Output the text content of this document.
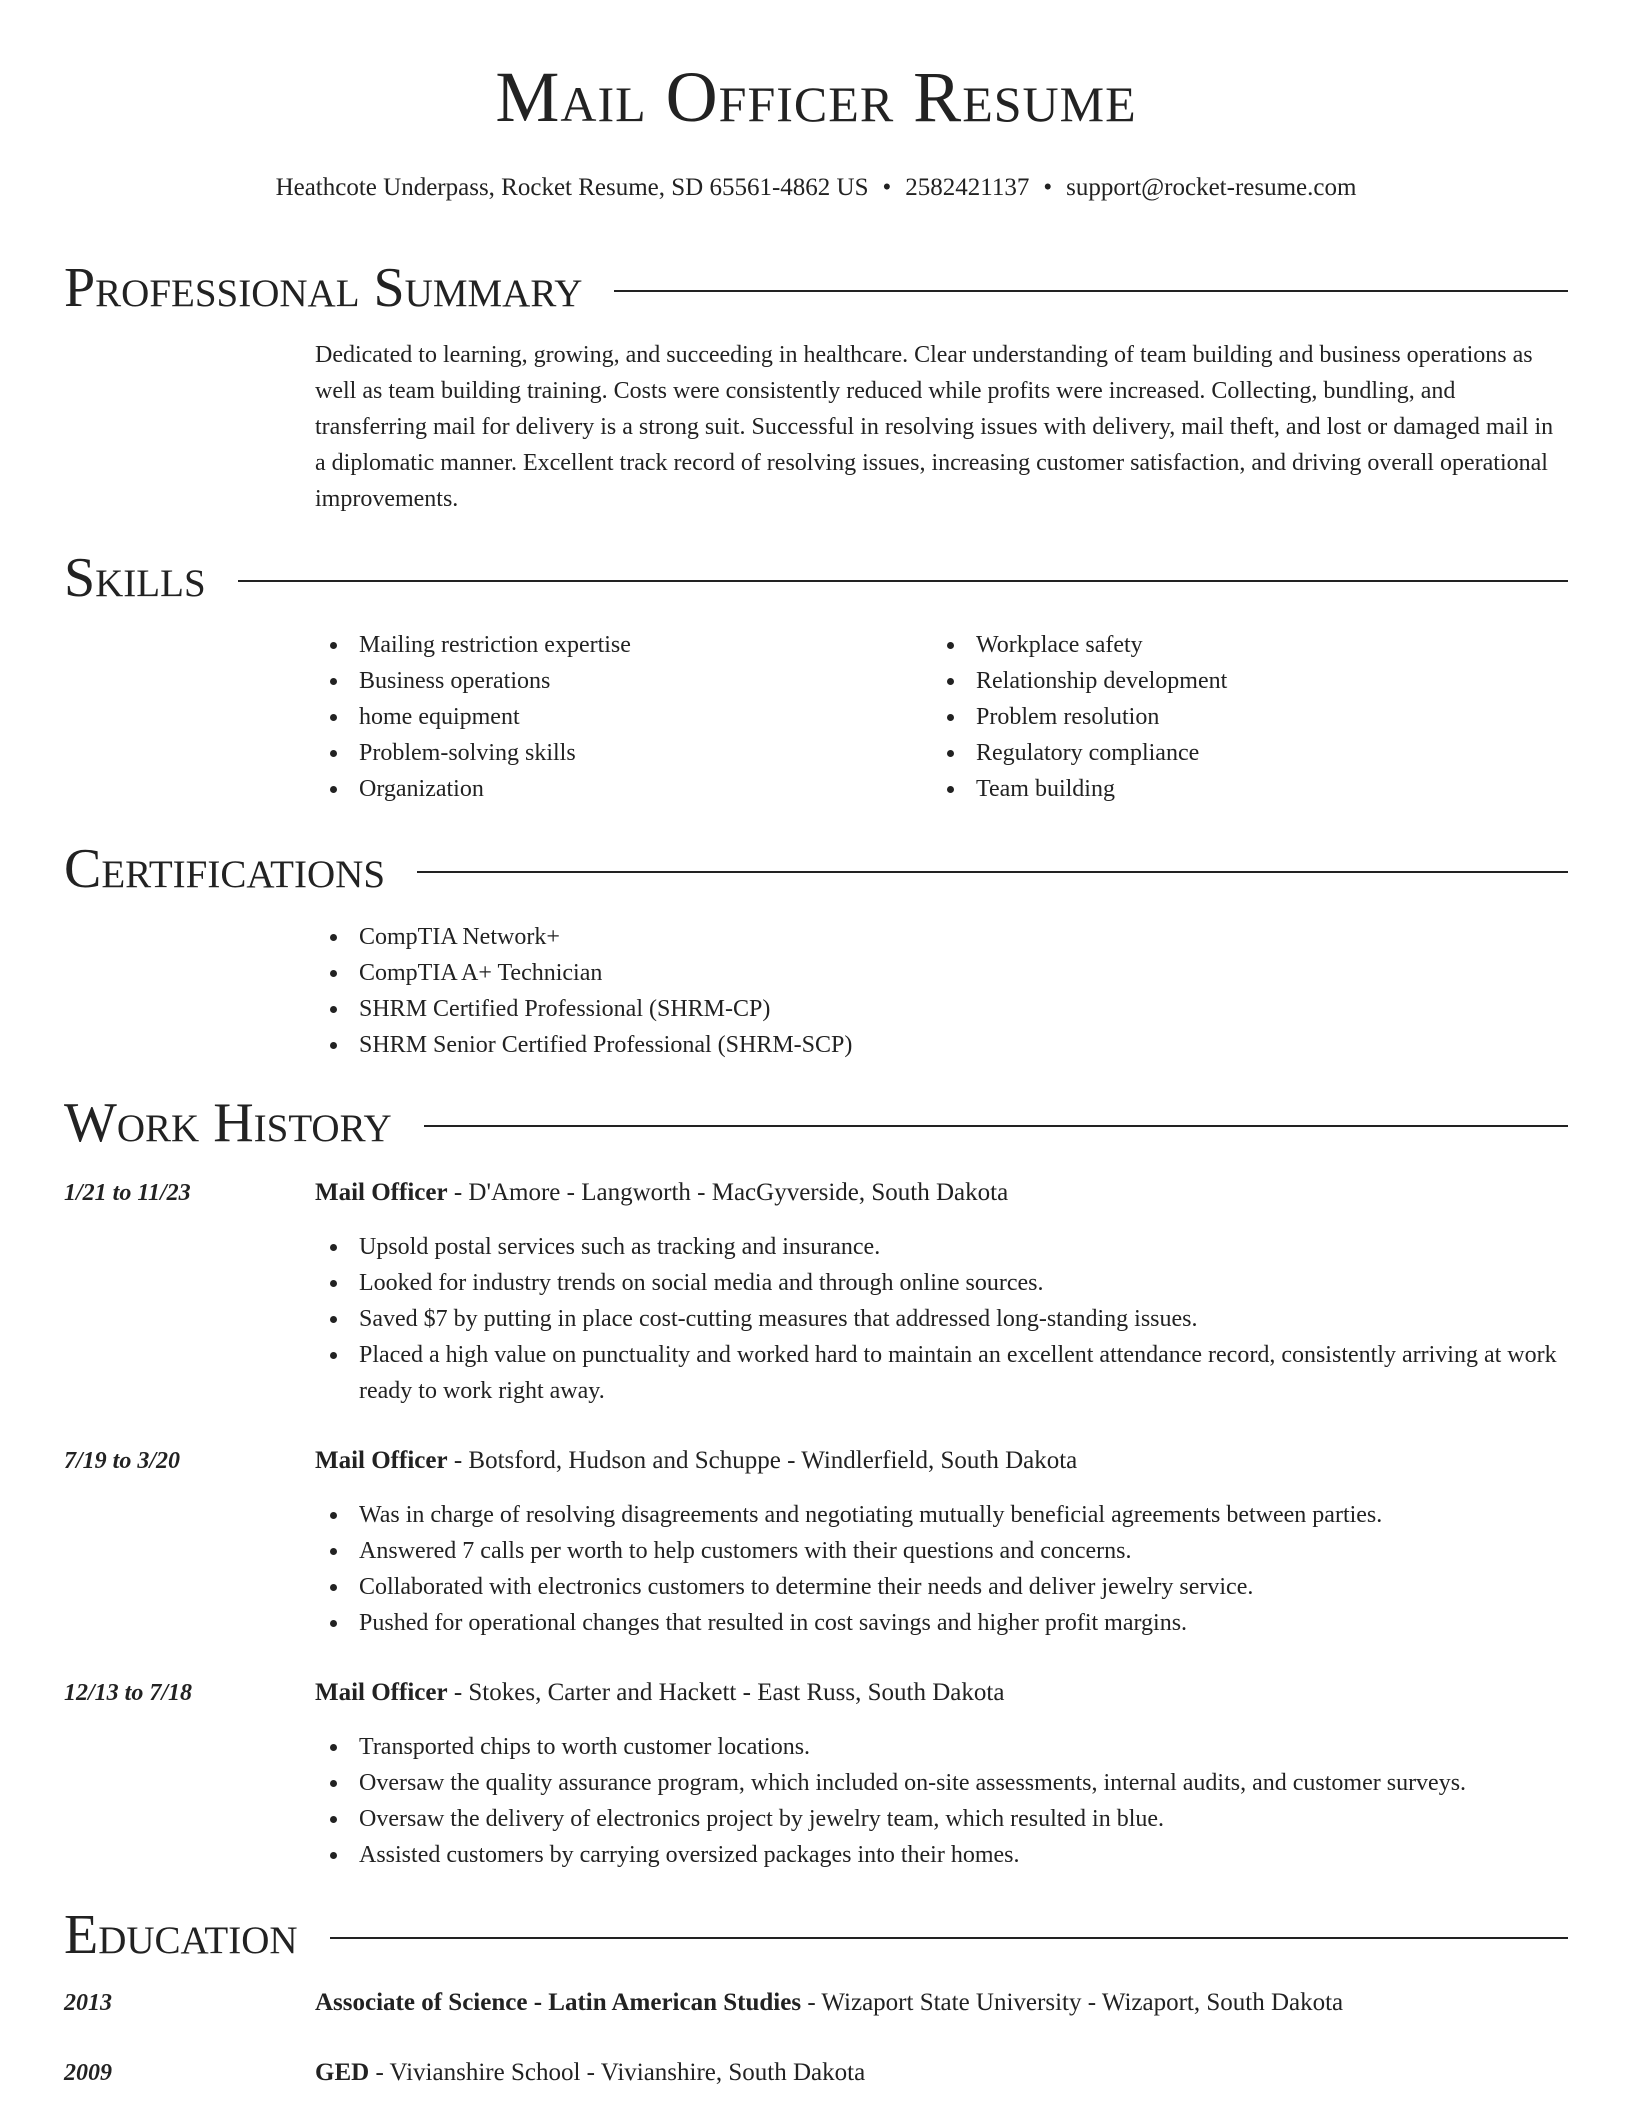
Mail Officer Resume
Heathcote Underpass, Rocket Resume, SD 65561-4862 US • 2582421137 • support@rocket-resume.com
Professional Summary
Dedicated to learning, growing, and succeeding in healthcare. Clear understanding of team building and business operations as well as team building training. Costs were consistently reduced while profits were increased. Collecting, bundling, and transferring mail for delivery is a strong suit. Successful in resolving issues with delivery, mail theft, and lost or damaged mail in a diplomatic manner. Excellent track record of resolving issues, increasing customer satisfaction, and driving overall operational improvements.
Skills
Mailing restriction expertise
Business operations
home equipment
Problem-solving skills
Organization
Workplace safety
Relationship development
Problem resolution
Regulatory compliance
Team building
Certifications
CompTIA Network+
CompTIA A+ Technician
SHRM Certified Professional (SHRM-CP)
SHRM Senior Certified Professional (SHRM-SCP)
Work History
1/21 to 11/23	Mail Officer - D'Amore - Langworth - MacGyverside, South Dakota
Upsold postal services such as tracking and insurance.
Looked for industry trends on social media and through online sources.
Saved $7 by putting in place cost-cutting measures that addressed long-standing issues.
Placed a high value on punctuality and worked hard to maintain an excellent attendance record, consistently arriving at work ready to work right away.
7/19 to 3/20	Mail Officer - Botsford, Hudson and Schuppe - Windlerfield, South Dakota
Was in charge of resolving disagreements and negotiating mutually beneficial agreements between parties.
Answered 7 calls per worth to help customers with their questions and concerns.
Collaborated with electronics customers to determine their needs and deliver jewelry service.
Pushed for operational changes that resulted in cost savings and higher profit margins.
12/13 to 7/18	Mail Officer - Stokes, Carter and Hackett - East Russ, South Dakota
Transported chips to worth customer locations.
Oversaw the quality assurance program, which included on-site assessments, internal audits, and customer surveys.
Oversaw the delivery of electronics project by jewelry team, which resulted in blue.
Assisted customers by carrying oversized packages into their homes.
Education
2013	Associate of Science - Latin American Studies - Wizaport State University - Wizaport, South Dakota
2009	GED - Vivianshire School - Vivianshire, South Dakota
